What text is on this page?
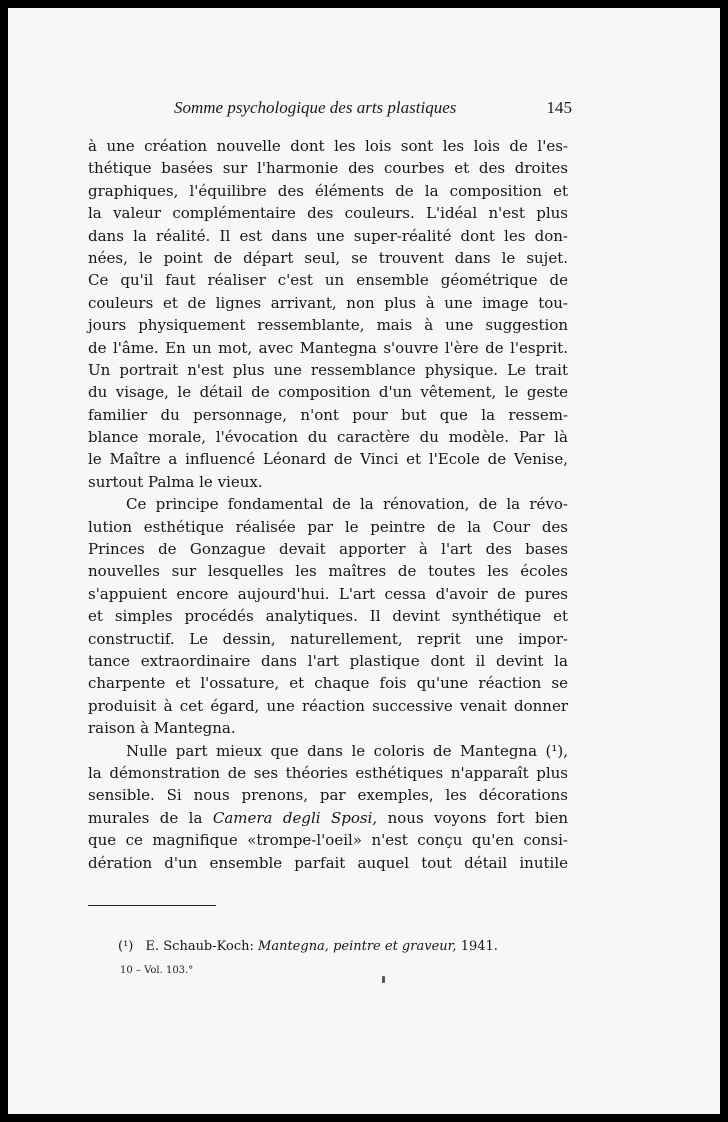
Somme psychologique des arts plastiques	145
à une création nouvelle dont les lois sont les lois de l'es-
thétique basées sur l'harmonie des courbes et des droites
graphiques, l'équilibre des éléments de la composition et
la valeur complémentaire des couleurs. L'idéal n'est plus
dans la réalité. Il est dans une super-réalité dont les don-
nées, le point de départ seul, se trouvent dans le sujet.
Ce qu'il faut réaliser c'est un ensemble géométrique de
couleurs et de lignes arrivant, non plus à une image tou-
jours physiquement ressemblante, mais à une suggestion
de l'âme. En un mot, avec Mantegna s'ouvre l'ère de l'esprit.
Un portrait n'est plus une ressemblance physique. Le trait
du visage, le détail de composition d'un vêtement, le geste
familier du personnage, n'ont pour but que la ressem-
blance morale, l'évocation du caractère du modèle. Par là
le Maître a influencé Léonard de Vinci et l'Ecole de Venise,
surtout Palma le vieux.
Ce principe fondamental de la rénovation, de la révo-
lution esthétique réalisée par le peintre de la Cour des
Princes de Gonzague devait apporter à l'art des bases
nouvelles sur lesquelles les maîtres de toutes les écoles
s'appuient encore aujourd'hui. L'art cessa d'avoir de pures
et simples procédés analytiques. Il devint synthétique et
constructif. Le dessin, naturellement, reprit une impor-
tance extraordinaire dans l'art plastique dont il devint la
charpente et l'ossature, et chaque fois qu'une réaction se
produisit à cet égard, une réaction successive venait donner
raison à Mantegna.
Nulle part mieux que dans le coloris de Mantegna (¹),
la démonstration de ses théories esthétiques n'apparaît plus
sensible. Si nous prenons, par exemples, les décorations
murales de la Camera degli Sposi, nous voyons fort bien
que ce magnifique «trompe-l'oeil» n'est conçu qu'en consi-
dération d'un ensemble parfait auquel tout détail inutile
(¹) E. Schaub-Koch: Mantegna, peintre et graveur, 1941.
10 – Vol. 103.°
